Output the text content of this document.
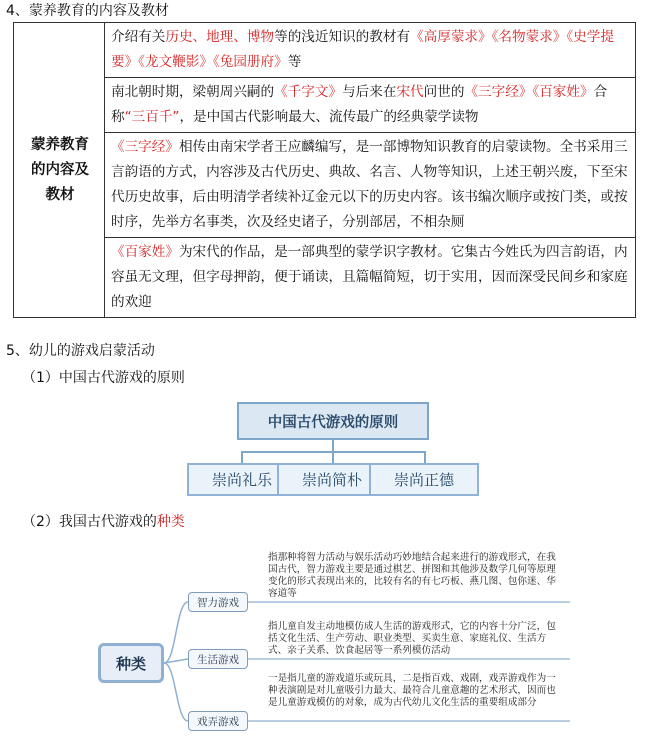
4、蒙养教育的内容及教材
蒙养教育的内容及教材
	介绍有关历史、地理、博物等的浅近知识的教材有《高厚蒙求》《名物蒙求》《史学提要》《龙文鞭影》《兔园册府》等
南北朝时期，梁朝周兴嗣的《千字文》与后来在宋代问世的《三字经》《百家姓》合称“三百千”，是中国古代影响最大、流传最广的经典蒙学读物
《三字经》相传由南宋学者王应麟编写，是一部博物知识教育的启蒙读物。全书采用三言韵语的方式，内容涉及古代历史、典故、名言、人物等知识，上述王朝兴废，下至宋代历史故事，后由明清学者续补辽金元以下的历史内容。该书编次顺序或按门类，或按时序，先举方名事类，次及经史诸子，分别部居，不相杂厕
《百家姓》为宋代的作品，是一部典型的蒙学识字教材。它集古今姓氏为四言韵语，内容虽无文理，但字母押韵，便于诵读，且篇幅简短，切于实用，因而深受民间乡和家庭的欢迎
5、幼儿的游戏启蒙活动
（1）中国古代游戏的原则
中国古代游戏的原则
崇尚礼乐	崇尚简朴	崇尚正德
（2）我国古代游戏的种类
种类
智力游戏
生活游戏
戏弄游戏
指那种将智力活动与娱乐活动巧妙地结合起来进行的游戏形式，在我国古代，智力游戏主要是通过棋艺、拼图和其他涉及数学几何等原理变化的形式表现出来的，比较有名的有七巧板、燕几图、包你迷、华容道等
指儿童自发主动地模仿成人生活的游戏形式，它的内容十分广泛，包括文化生活、生产劳动、职业类型、买卖生意、家庭礼仪、生活方式、亲子关系、饮食起居等一系列模仿活动
一是指儿童的游戏道乐或玩具，二是指百戏、戏剧，戏弄游戏作为一种表演剧是对儿童吸引力最大、最符合儿童意趣的艺术形式，因而也是儿童游戏模仿的对象，成为古代幼儿文化生活的重要组成部分
